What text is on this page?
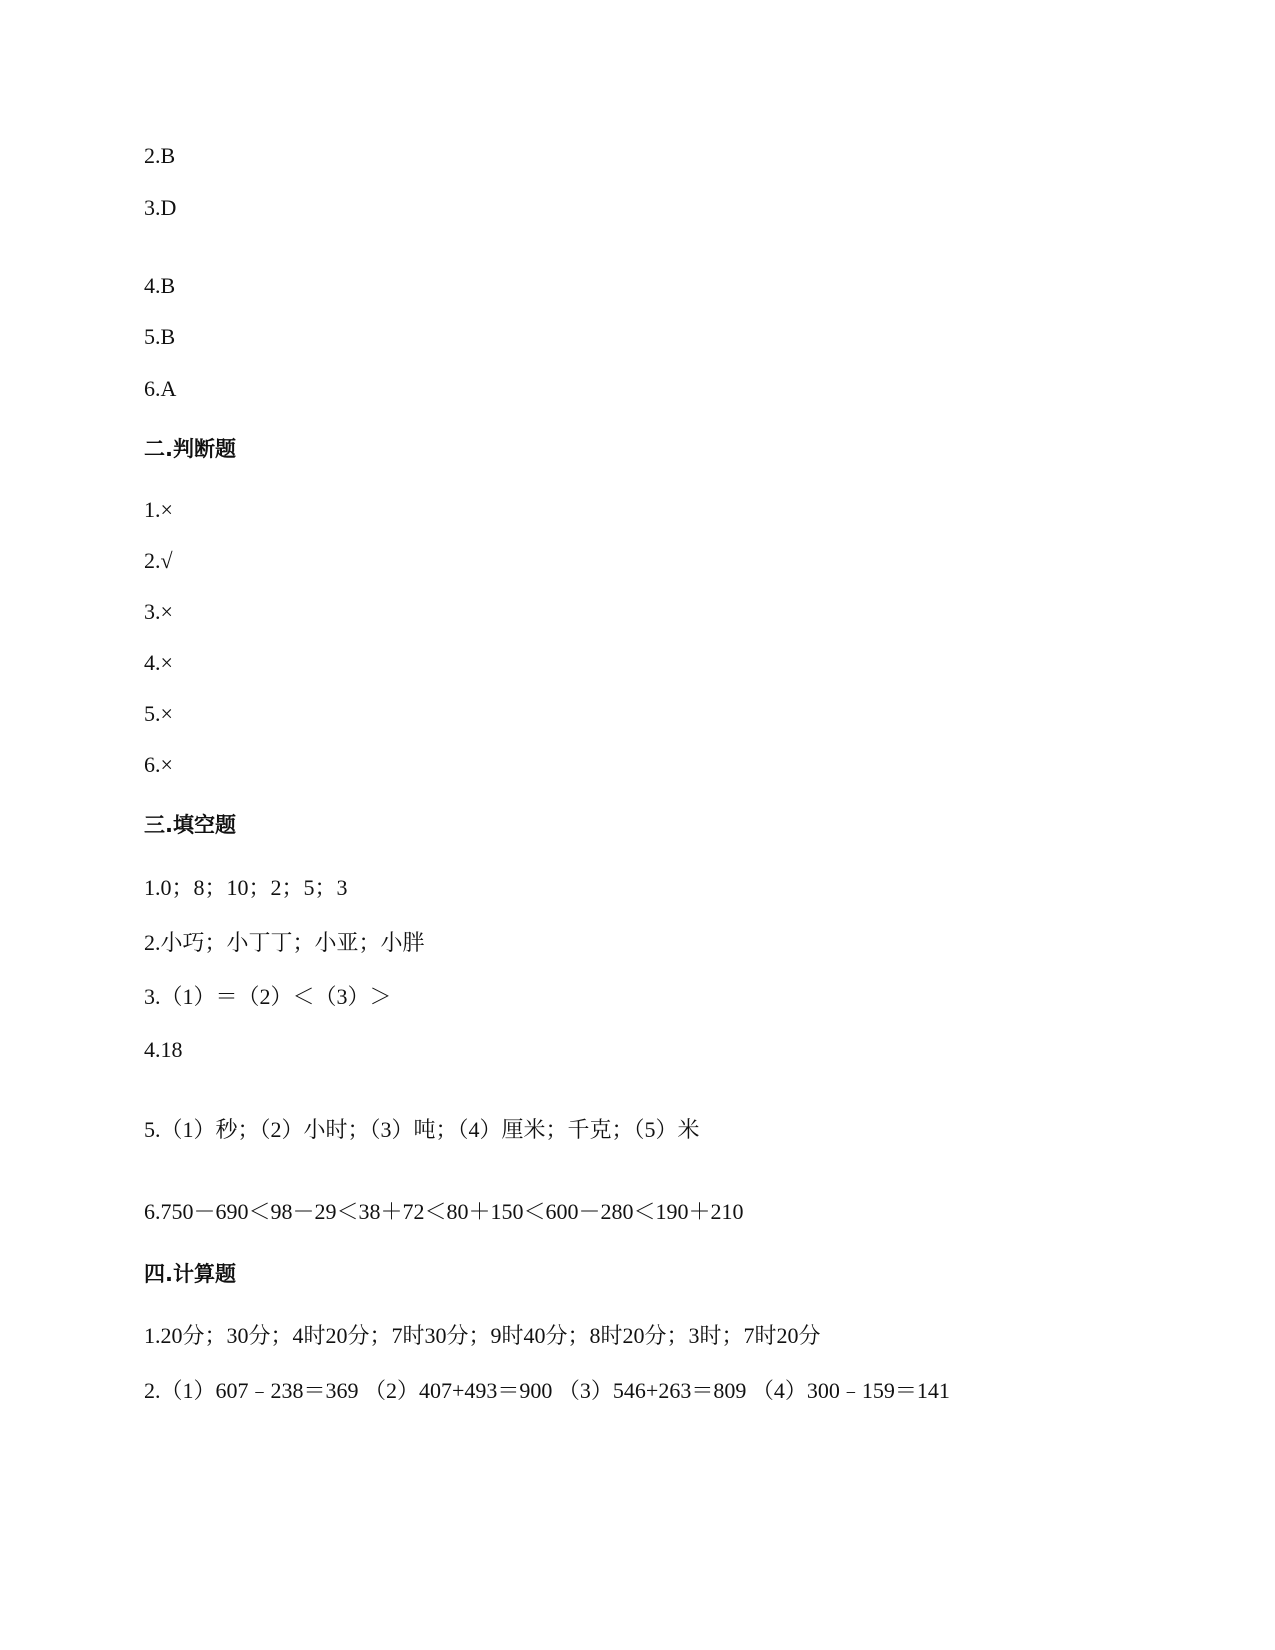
2.B
3.D
4.B
5.B
6.A
二.判断题
1.×
2.√
3.×
4.×
5.×
6.×
三.填空题
1.0；8；10；2；5；3
2.小巧；小丁丁；小亚；小胖
3.（1）＝（2）＜（3）＞
4.18
5.（1）秒；（2）小时；（3）吨；（4）厘米；千克；（5）米
6.750－690＜98－29＜38＋72＜80＋150＜600－280＜190＋210
四.计算题
1.20分；30分；4时20分；7时30分；9时40分；8时20分；3时；7时20分
2.（1）607﹣238＝369 （2）407+493＝900 （3）546+263＝809 （4）300﹣159＝141
